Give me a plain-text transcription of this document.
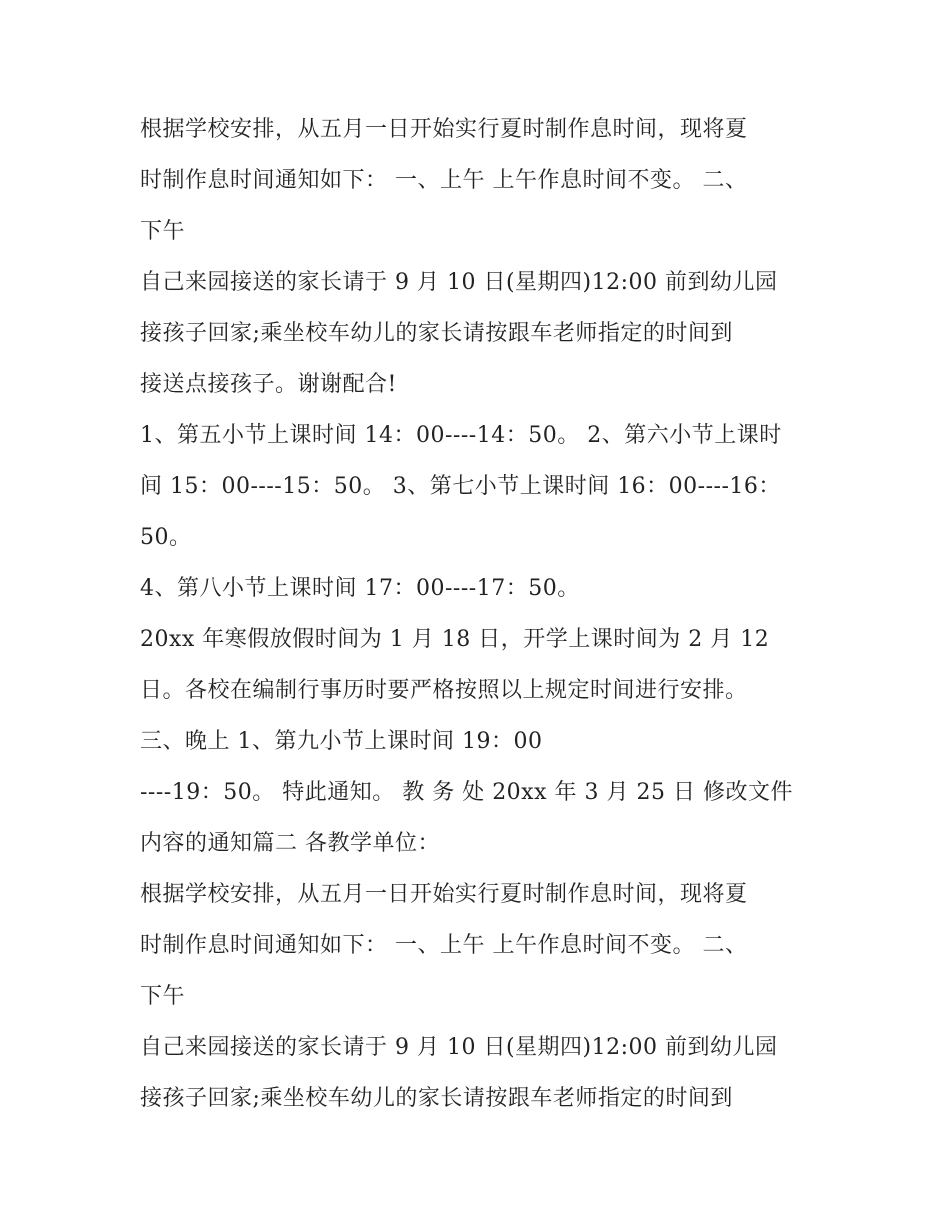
根据学校安排，从五月一日开始实行夏时制作息时间，现将夏
时制作息时间通知如下： 一、上午 上午作息时间不变。 二、
下午
自己来园接送的家长请于 9 月 10 日(星期四)12:00 前到幼儿园
接孩子回家;乘坐校车幼儿的家长请按跟车老师指定的时间到
接送点接孩子。谢谢配合!
1、第五小节上课时间 14：00----14：50。 2、第六小节上课时
间 15：00----15：50。 3、第七小节上课时间 16：00----16：
50。
4、第八小节上课时间 17：00----17：50。
20xx 年寒假放假时间为 1 月 18 日，开学上课时间为 2 月 12
日。各校在编制行事历时要严格按照以上规定时间进行安排。
三、晚上 1、第九小节上课时间 19：00
----19：50。 特此通知。 教 务 处 20xx 年 3 月 25 日 修改文件
内容的通知篇二 各教学单位：
根据学校安排，从五月一日开始实行夏时制作息时间，现将夏
时制作息时间通知如下： 一、上午 上午作息时间不变。 二、
下午
自己来园接送的家长请于 9 月 10 日(星期四)12:00 前到幼儿园
接孩子回家;乘坐校车幼儿的家长请按跟车老师指定的时间到
